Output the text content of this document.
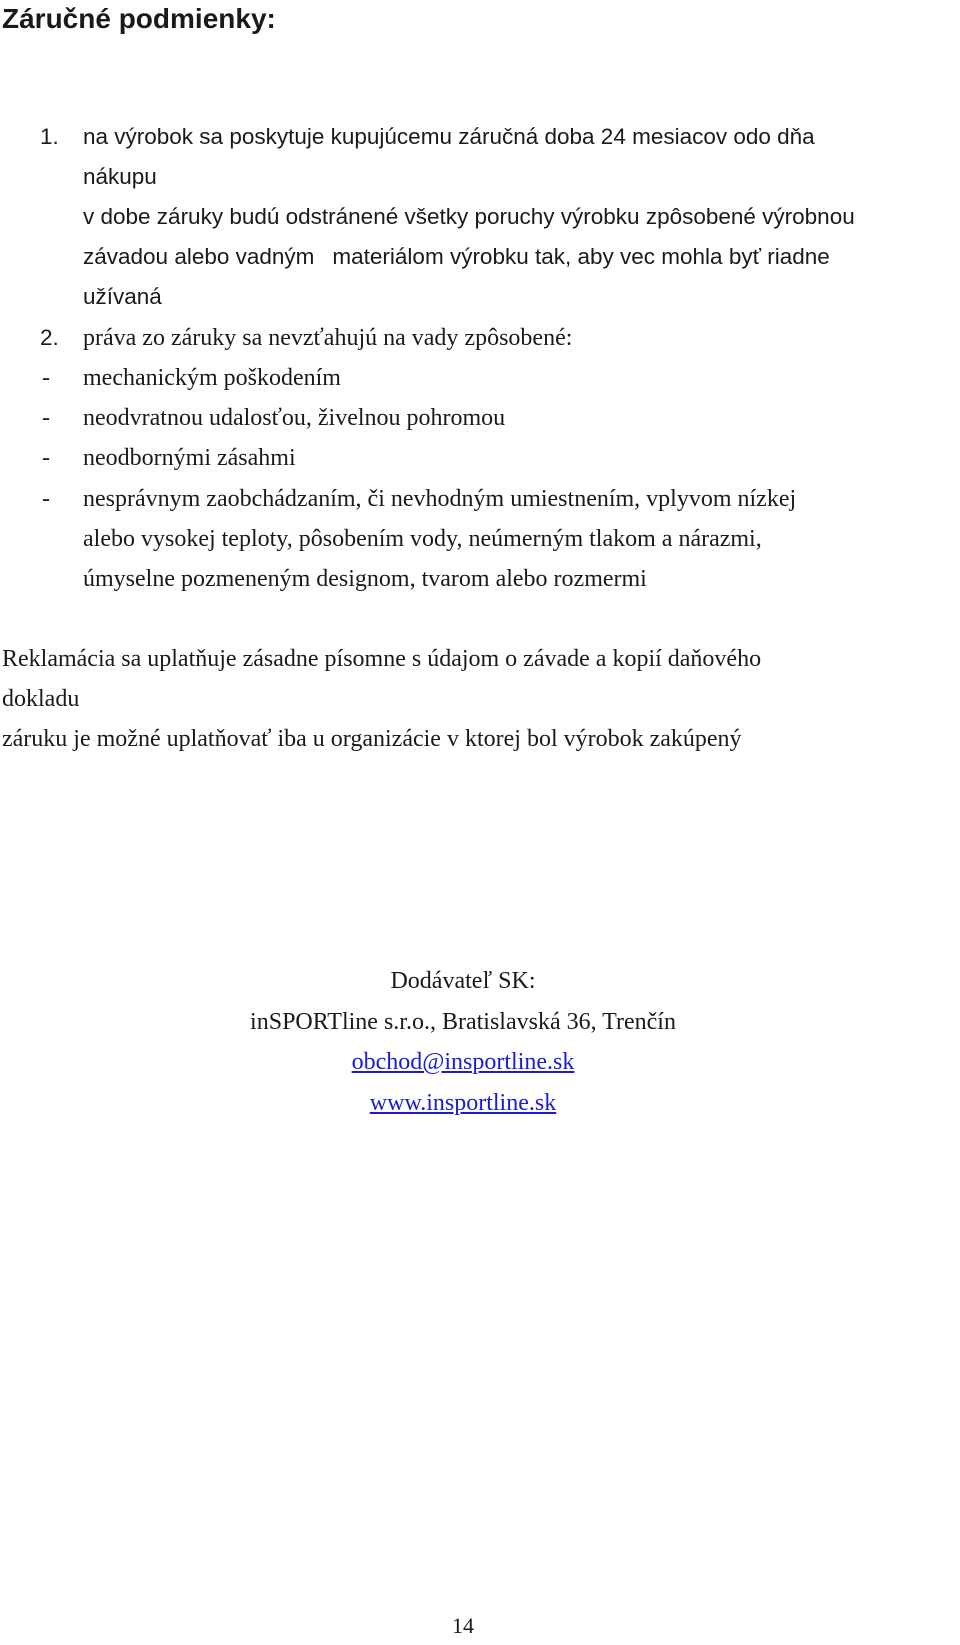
Záručné podmienky:
1. na výrobok sa poskytuje kupujúcemu záručná doba 24 mesiacov odo dňa
nákupu
v dobe záruky budú odstránené všetky poruchy výrobku zpôsobené výrobnou
závadou alebo vadným materiálom výrobku tak, aby vec mohla byť riadne
užívaná
2. práva zo záruky sa nevzťahujú na vady zpôsobené:
- mechanickým poškodením
- neodvratnou udalosťou, živelnou pohromou
- neodbornými zásahmi
- nesprávnym zaobchádzaním, či nevhodným umiestnením, vplyvom nízkej
alebo vysokej teploty, pôsobením vody, neúmerným tlakom a nárazmi,
úmyselne pozmeneným designom, tvarom alebo rozmermi
Reklamácia sa uplatňuje zásadne písomne s údajom o závade a kopií daňového
dokladu
záruku je možné uplatňovať iba u organizácie v ktorej bol výrobok zakúpený
Dodávateľ SK:
inSPORTline s.r.o., Bratislavská 36, Trenčín
obchod@insportline.sk
www.insportline.sk
14
